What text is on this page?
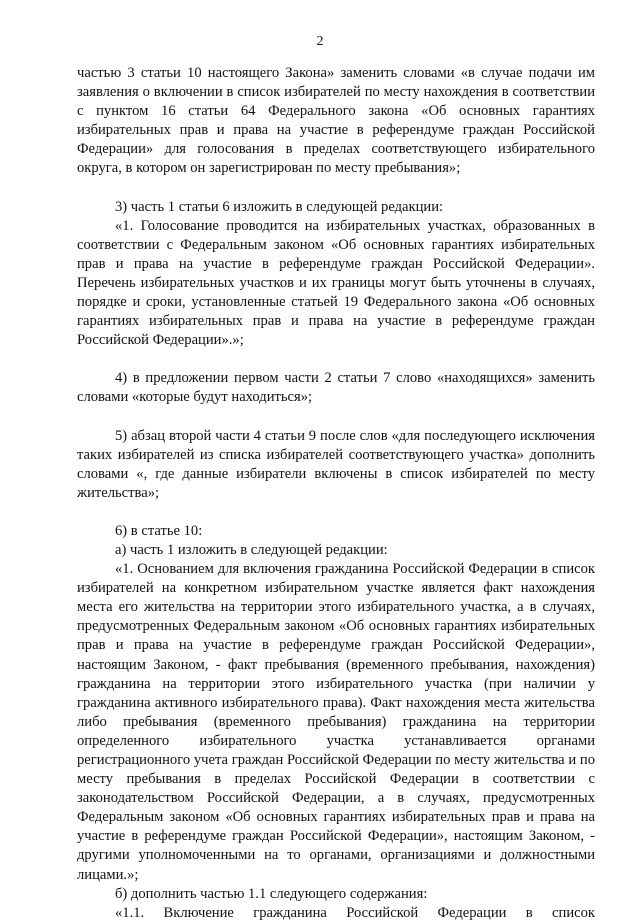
2

частью 3 статьи 10 настоящего Закона» заменить словами «в случае подачи им заявления о включении в список избирателей по месту нахождения в соответствии с пунктом 16 статьи 64 Федерального закона «Об основных гарантиях избирательных прав и права на участие в референдуме граждан Российской Федерации» для голосования в пределах соответствующего избирательного округа, в котором он зарегистрирован по месту пребывания»;

3) часть 1 статьи 6 изложить в следующей редакции:

«1. Голосование проводится на избирательных участках, образованных в соответствии с Федеральным законом «Об основных гарантиях избирательных прав и права на участие в референдуме граждан Российской Федерации». Перечень избирательных участков и их границы могут быть уточнены в случаях, порядке и сроки, установленные статьей 19 Федерального закона «Об основных гарантиях избирательных прав и права на участие в референдуме граждан Российской Федерации».»;

4) в предложении первом части 2 статьи 7 слово «находящихся» заменить словами «которые будут находиться»;

5) абзац второй части 4 статьи 9 после слов «для последующего исключения таких избирателей из списка избирателей соответствующего участка» дополнить словами «, где данные избиратели включены в список избирателей по месту жительства»;

6) в статье 10:

а) часть 1 изложить в следующей редакции:

«1. Основанием для включения гражданина Российской Федерации в список избирателей на конкретном избирательном участке является факт нахождения места его жительства на территории этого избирательного участка, а в случаях, предусмотренных Федеральным законом «Об основных гарантиях избирательных прав и права на участие в референдуме граждан Российской Федерации», настоящим Законом, - факт пребывания (временного пребывания, нахождения) гражданина на территории этого избирательного участка (при наличии у гражданина активного избирательного права). Факт нахождения места жительства либо пребывания (временного пребывания) гражданина на территории определенного избирательного участка устанавливается органами регистрационного учета граждан Российской Федерации по месту жительства и по месту пребывания в пределах Российской Федерации в соответствии с законодательством Российской Федерации, а в случаях, предусмотренных Федеральным законом «Об основных гарантиях избирательных прав и права на участие в референдуме граждан Российской Федерации», настоящим Законом, - другими уполномоченными на то органами, организациями и должностными лицами.»;

б) дополнить частью 1.1 следующего содержания:

«1.1. Включение гражданина Российской Федерации в список
